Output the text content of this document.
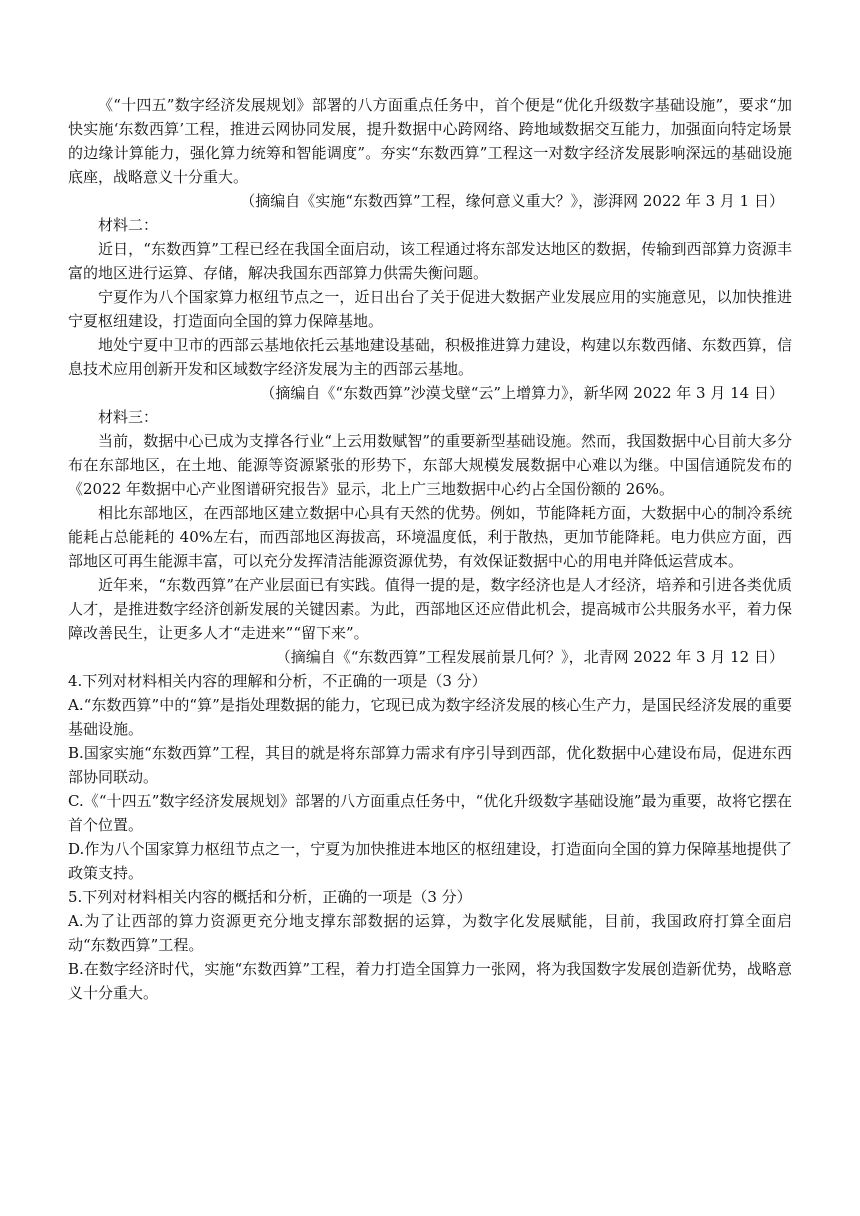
《“十四五”数字经济发展规划》部署的八方面重点任务中，首个便是“优化升级数字基础设施”，要求“加快实施‘东数西算’工程，推进云网协同发展，提升数据中心跨网络、跨地域数据交互能力，加强面向特定场景的边缘计算能力，强化算力统筹和智能调度”。夯实“东数西算”工程这一对数字经济发展影响深远的基础设施底座，战略意义十分重大。

（摘编自《实施“东数西算”工程，缘何意义重大？》，澎湃网 2022 年 3 月 1 日）

材料二：

近日，“东数西算”工程已经在我国全面启动，该工程通过将东部发达地区的数据，传输到西部算力资源丰富的地区进行运算、存储，解决我国东西部算力供需失衡问题。

宁夏作为八个国家算力枢纽节点之一，近日出台了关于促进大数据产业发展应用的实施意见，以加快推进宁夏枢纽建设，打造面向全国的算力保障基地。

地处宁夏中卫市的西部云基地依托云基地建设基础，积极推进算力建设，构建以东数西储、东数西算，信息技术应用创新开发和区域数字经济发展为主的西部云基地。

（摘编自《“东数西算”沙漠戈壁“云”上增算力》，新华网 2022 年 3 月 14 日）

材料三：

当前，数据中心已成为支撑各行业“上云用数赋智”的重要新型基础设施。然而，我国数据中心目前大多分布在东部地区，在土地、能源等资源紧张的形势下，东部大规模发展数据中心难以为继。中国信通院发布的《2022 年数据中心产业图谱研究报告》显示，北上广三地数据中心约占全国份额的 26%。

相比东部地区，在西部地区建立数据中心具有天然的优势。例如，节能降耗方面，大数据中心的制冷系统能耗占总能耗的 40%左右，而西部地区海拔高，环境温度低，利于散热，更加节能降耗。电力供应方面，西部地区可再生能源丰富，可以充分发挥清洁能源资源优势，有效保证数据中心的用电并降低运营成本。

近年来，“东数西算”在产业层面已有实践。值得一提的是，数字经济也是人才经济，培养和引进各类优质人才，是推进数字经济创新发展的关键因素。为此，西部地区还应借此机会，提高城市公共服务水平，着力保障改善民生，让更多人才“走进来”“留下来”。

（摘编自《“东数西算”工程发展前景几何？》，北青网 2022 年 3 月 12 日）

4.下列对材料相关内容的理解和分析，不正确的一项是（3 分）

A.“东数西算”中的“算”是指处理数据的能力，它现已成为数字经济发展的核心生产力，是国民经济发展的重要基础设施。

B.国家实施“东数西算”工程，其目的就是将东部算力需求有序引导到西部，优化数据中心建设布局，促进东西部协同联动。

C.《“十四五”数字经济发展规划》部署的八方面重点任务中，“优化升级数字基础设施”最为重要，故将它摆在首个位置。

D.作为八个国家算力枢纽节点之一，宁夏为加快推进本地区的枢纽建设，打造面向全国的算力保障基地提供了政策支持。

5.下列对材料相关内容的概括和分析，正确的一项是（3 分）

A.为了让西部的算力资源更充分地支撑东部数据的运算，为数字化发展赋能，目前，我国政府打算全面启动“东数西算”工程。

B.在数字经济时代，实施“东数西算”工程，着力打造全国算力一张网，将为我国数字发展创造新优势，战略意义十分重大。
